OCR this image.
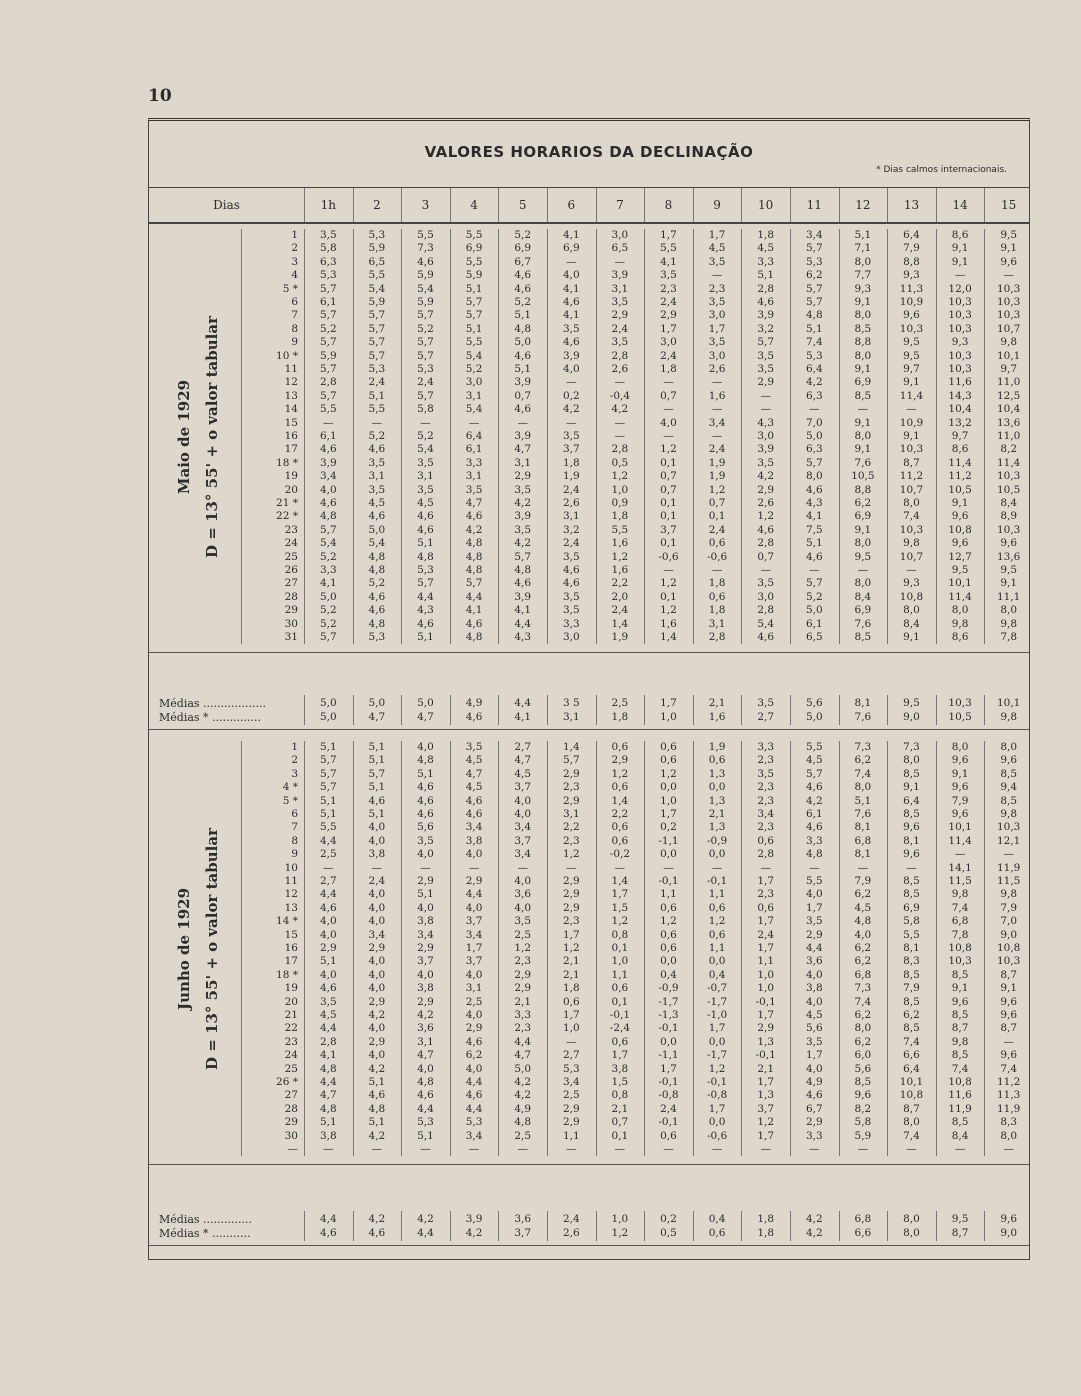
10
VALORES HORARIOS DA DECLINAÇÃO
* Dias calmos internacionais.
Dias	1h	2	3	4	5	6	7	8	9	10	11	12	13	14	15
Maio de 1929 D = 13° 55' + o valor tabular
1	3,5	5,3	5,5	5,5	5,2	4,1	3,0	1,7	1,7	1,8	3,4	5,1	6,4	8,6	9,5
2	5,8	5,9	7,3	6,9	6,9	6,9	6,5	5,5	4,5	4,5	5,7	7,1	7,9	9,1	9,1
3	6,3	6,5	4,6	5,5	6,7	—	—	4,1	3,5	3,3	5,3	8,0	8,8	9,1	9,6
4	5,3	5,5	5,9	5,9	4,6	4,0	3,9	3,5	—	5,1	6,2	7,7	9,3	—	—
5 *	5,7	5,4	5,4	5,1	4,6	4,1	3,1	2,3	2,3	2,8	5,7	9,3	11,3	12,0	10,3
6	6,1	5,9	5,9	5,7	5,2	4,6	3,5	2,4	3,5	4,6	5,7	9,1	10,9	10,3	10,3
7	5,7	5,7	5,7	5,7	5,1	4,1	2,9	2,9	3,0	3,9	4,8	8,0	9,6	10,3	10,3
8	5,2	5,7	5,2	5,1	4,8	3,5	2,4	1,7	1,7	3,2	5,1	8,5	10,3	10,3	10,7
9	5,7	5,7	5,7	5,5	5,0	4,6	3,5	3,0	3,5	5,7	7,4	8,8	9,5	9,3	9,8
10 *	5,9	5,7	5,7	5,4	4,6	3,9	2,8	2,4	3,0	3,5	5,3	8,0	9,5	10,3	10,1
11	5,7	5,3	5,3	5,2	5,1	4,0	2,6	1,8	2,6	3,5	6,4	9,1	9,7	10,3	9,7
12	2,8	2,4	2,4	3,0	3,9	—	—	—	—	2,9	4,2	6,9	9,1	11,6	11,0
13	5,7	5,1	5,7	3,1	0,7	0,2	-0,4	0,7	1,6	—	6,3	8,5	11,4	14,3	12,5
14	5,5	5,5	5,8	5,4	4,6	4,2	4,2	—	—	—	—	—	—	10,4	10,4
15	—	—	—	—	—	—	—	4,0	3,4	4,3	7,0	9,1	10,9	13,2	13,6
16	6,1	5,2	5,2	6,4	3,9	3,5	—	—	—	3,0	5,0	8,0	9,1	9,7	11,0
17	4,6	4,6	5,4	6,1	4,7	3,7	2,8	1,2	2,4	3,9	6,3	9,1	10,3	8,6	8,2
18 *	3,9	3,5	3,5	3,3	3,1	1,8	0,5	0,1	1,9	3,5	5,7	7,6	8,7	11,4	11,4
19	3,4	3,1	3,1	3,1	2,9	1,9	1,2	0,7	1,9	4,2	8,0	10,5	11,2	11,2	10,3
20	4,0	3,5	3,5	3,5	3,5	2,4	1,0	0,7	1,2	2,9	4,6	8,8	10,7	10,5	10,5
21 *	4,6	4,5	4,5	4,7	4,2	2,6	0,9	0,1	0,7	2,6	4,3	6,2	8,0	9,1	8,4
22 *	4,8	4,6	4,6	4,6	3,9	3,1	1,8	0,1	0,1	1,2	4,1	6,9	7,4	9,6	8,9
23	5,7	5,0	4,6	4,2	3,5	3,2	5,5	3,7	2,4	4,6	7,5	9,1	10,3	10,8	10,3
24	5,4	5,4	5,1	4,8	4,2	2,4	1,6	0,1	0,6	2,8	5,1	8,0	9,8	9,6	9,6
25	5,2	4,8	4,8	4,8	5,7	3,5	1,2	-0,6	-0,6	0,7	4,6	9,5	10,7	12,7	13,6
26	3,3	4,8	5,3	4,8	4,8	4,6	1,6	—	—	—	—	—	—	9,5	9,5
27	4,1	5,2	5,7	5,7	4,6	4,6	2,2	1,2	1,8	3,5	5,7	8,0	9,3	10,1	9,1
28	5,0	4,6	4,4	4,4	3,9	3,5	2,0	0,1	0,6	3,0	5,2	8,4	10,8	11,4	11,1
29	5,2	4,6	4,3	4,1	4,1	3,5	2,4	1,2	1,8	2,8	5,0	6,9	8,0	8,0	8,0
30	5,2	4,8	4,6	4,6	4,4	3,3	1,4	1,6	3,1	5,4	6,1	7,6	8,4	9,8	9,8
31	5,7	5,3	5,1	4,8	4,3	3,0	1,9	1,4	2,8	4,6	6,5	8,5	9,1	8,6	7,8
Médias ..................	5,0	5,0	5,0	4,9	4,4	3 5	2,5	1,7	2,1	3,5	5,6	8,1	9,5	10,3	10,1
Médias * ..............	5,0	4,7	4,7	4,6	4,1	3,1	1,8	1,0	1,6	2,7	5,0	7,6	9,0	10,5	9,8
Junho de 1929 D = 13° 55' + o valor tabular
1	5,1	5,1	4,0	3,5	2,7	1,4	0,6	0,6	1,9	3,3	5,5	7,3	7,3	8,0	8,0
2	5,7	5,1	4,8	4,5	4,7	5,7	2,9	0,6	0,6	2,3	4,5	6,2	8,0	9,6	9,6
3	5,7	5,7	5,1	4,7	4,5	2,9	1,2	1,2	1,3	3,5	5,7	7,4	8,5	9,1	8,5
4 *	5,7	5,1	4,6	4,5	3,7	2,3	0,6	0,0	0,0	2,3	4,6	8,0	9,1	9,6	9,4
5 *	5,1	4,6	4,6	4,6	4,0	2,9	1,4	1,0	1,3	2,3	4,2	5,1	6,4	7,9	8,5
6	5,1	5,1	4,6	4,6	4,0	3,1	2,2	1,7	2,1	3,4	6,1	7,6	8,5	9,6	9,8
7	5,5	4,0	5,6	3,4	3,4	2,2	0,6	0,2	1,3	2,3	4,6	8,1	9,6	10,1	10,3
8	4,4	4,0	3,5	3,8	3,7	2,3	0,6	-1,1	-0,9	0,6	3,3	6,8	8,1	11,4	12,1
9	2,5	3,8	4,0	4,0	3,4	1,2	-0,2	0,0	0,0	2,8	4,8	8,1	9,6	—	—
10	—	—	—	—	—	—	—	—	—	—	—	—	—	14,1	11,9
11	2,7	2,4	2,9	2,9	4,0	2,9	1,4	-0,1	-0,1	1,7	5,5	7,9	8,5	11,5	11,5
12	4,4	4,0	5,1	4,4	3,6	2,9	1,7	1,1	1,1	2,3	4,0	6,2	8,5	9,8	9,8
13	4,6	4,0	4,0	4,0	4,0	2,9	1,5	0,6	0,6	0,6	1,7	4,5	6,9	7,4	7,9
14 *	4,0	4,0	3,8	3,7	3,5	2,3	1,2	1,2	1,2	1,7	3,5	4,8	5,8	6,8	7,0
15	4,0	3,4	3,4	3,4	2,5	1,7	0,8	0,6	0,6	2,4	2,9	4,0	5,5	7,8	9,0
16	2,9	2,9	2,9	1,7	1,2	1,2	0,1	0,6	1,1	1,7	4,4	6,2	8,1	10,8	10,8
17	5,1	4,0	3,7	3,7	2,3	2,1	1,0	0,0	0,0	1,1	3,6	6,2	8,3	10,3	10,3
18 *	4,0	4,0	4,0	4,0	2,9	2,1	1,1	0,4	0,4	1,0	4,0	6,8	8,5	8,5	8,7
19	4,6	4,0	3,8	3,1	2,9	1,8	0,6	-0,9	-0,7	1,0	3,8	7,3	7,9	9,1	9,1
20	3,5	2,9	2,9	2,5	2,1	0,6	0,1	-1,7	-1,7	-0,1	4,0	7,4	8,5	9,6	9,6
21	4,5	4,2	4,2	4,0	3,3	1,7	-0,1	-1,3	-1,0	1,7	4,5	6,2	6,2	8,5	9,6
22	4,4	4,0	3,6	2,9	2,3	1,0	-2,4	-0,1	1,7	2,9	5,6	8,0	8,5	8,7	8,7
23	2,8	2,9	3,1	4,6	4,4	—	0,6	0,0	0,0	1,3	3,5	6,2	7,4	9,8	—
24	4,1	4,0	4,7	6,2	4,7	2,7	1,7	-1,1	-1,7	-0,1	1,7	6,0	6,6	8,5	9,6
25	4,8	4,2	4,0	4,0	5,0	5,3	3,8	1,7	1,2	2,1	4,0	5,6	6,4	7,4	7,4
26 *	4,4	5,1	4,8	4,4	4,2	3,4	1,5	-0,1	-0,1	1,7	4,9	8,5	10,1	10,8	11,2
27	4,7	4,6	4,6	4,6	4,2	2,5	0,8	-0,8	-0,8	1,3	4,6	9,6	10,8	11,6	11,3
28	4,8	4,8	4,4	4,4	4,9	2,9	2,1	2,4	1,7	3,7	6,7	8,2	8,7	11,9	11,9
29	5,1	5,1	5,3	5,3	4,8	2,9	0,7	-0,1	0,0	1,2	2,9	5,8	8,0	8,5	8,3
30	3,8	4,2	5,1	3,4	2,5	1,1	0,1	0,6	-0,6	1,7	3,3	5,9	7,4	8,4	8,0
—	—	—	—	—	—	—	—	—	—	—	—	—	—	—	—
Médias ..............	4,4	4,2	4,2	3,9	3,6	2,4	1,0	0,2	0,4	1,8	4,2	6,8	8,0	9,5	9,6
Médias * ...........	4,6	4,6	4,4	4,2	3,7	2,6	1,2	0,5	0,6	1,8	4,2	6,6	8,0	8,7	9,0
